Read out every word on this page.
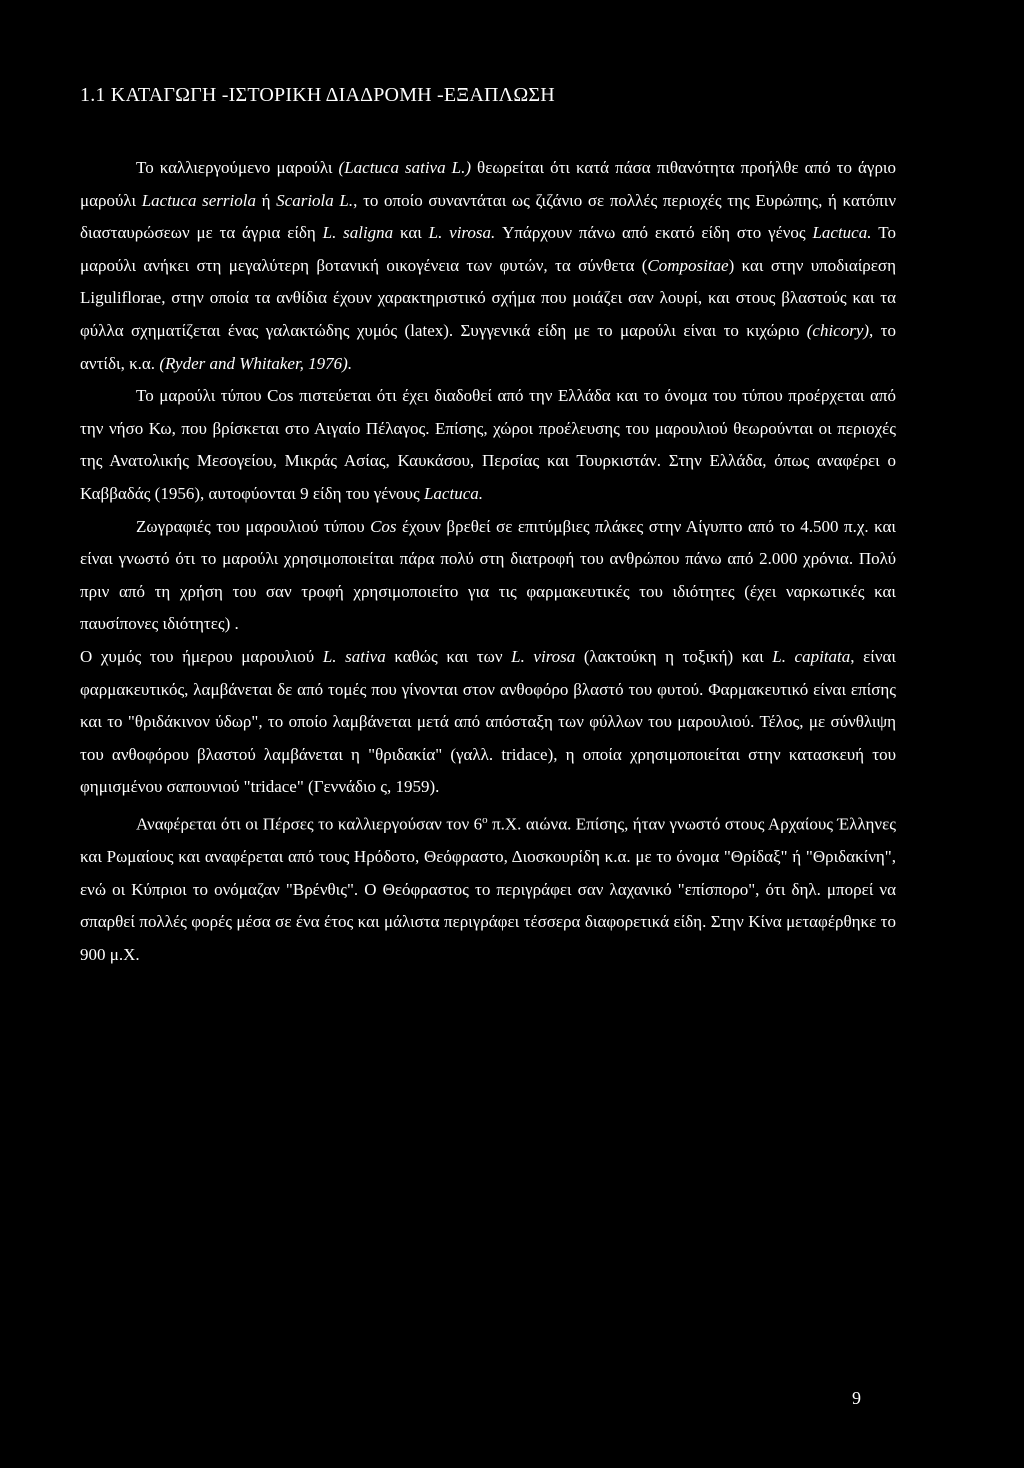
1.1 ΚΑΤΑΓΩΓΗ -ΙΣΤΟΡΙΚΗ ΔΙΑΔΡΟΜΗ -ΕΞΑΠΛΩΣΗ

Το καλλιεργούμενο μαρούλι (Lactuca sativa L.) θεωρείται ότι κατά πάσα πιθανότητα προήλθε από το άγριο μαρούλι Lactuca serriola ή Scariola L., το οποίο συναντάται ως ζιζάνιο σε πολλές περιοχές της Ευρώπης, ή κατόπιν διασταυρώσεων με τα άγρια είδη L. saligna και L. virosa. Υπάρχουν πάνω από εκατό είδη στο γένος Lactuca. Το μαρούλι ανήκει στη μεγαλύτερη βοτανική οικογένεια των φυτών, τα σύνθετα (Compositae) και στην υποδιαίρεση Liguliflorae, στην οποία τα ανθίδια έχουν χαρακτηριστικό σχήμα που μοιάζει σαν λουρί, και στους βλαστούς και τα φύλλα σχηματίζεται ένας γαλακτώδης χυμός (latex). Συγγενικά είδη με το μαρούλι είναι το κιχώριο (chicory), το αντίδι, κ.α. (Ryder and Whitaker, 1976).

Το μαρούλι τύπου Cos πιστεύεται ότι έχει διαδοθεί από την Ελλάδα και το όνομα του τύπου προέρχεται από την νήσο Κω, που βρίσκεται στο Αιγαίο Πέλαγος. Επίσης, χώροι προέλευσης του μαρουλιού θεωρούνται οι περιοχές της Ανατολικής Μεσογείου, Μικράς Ασίας, Καυκάσου, Περσίας και Τουρκιστάν. Στην Ελλάδα, όπως αναφέρει ο Καββαδάς (1956), αυτοφύονται 9 είδη του γένους Lactuca.

Ζωγραφιές του μαρουλιού τύπου Cos έχουν βρεθεί σε επιτύμβιες πλάκες στην Αίγυπτο από το 4.500 π.χ. και είναι γνωστό ότι το μαρούλι χρησιμοποιείται πάρα πολύ στη διατροφή του ανθρώπου πάνω από 2.000 χρόνια. Πολύ πριν από τη χρήση του σαν τροφή χρησιμοποιείτο για τις φαρμακευτικές του ιδιότητες (έχει ναρκωτικές και παυσίπονες ιδιότητες) .

Ο χυμός του ήμερου μαρουλιού L. sativa καθώς και των L. virosa (λακτούκη η τοξική) και L. capitata, είναι φαρμακευτικός, λαμβάνεται δε από τομές που γίνονται στον ανθοφόρο βλαστό του φυτού. Φαρμακευτικό είναι επίσης και το "θριδάκινον ύδωρ", το οποίο λαμβάνεται μετά από απόσταξη των φύλλων του μαρουλιού. Τέλος, με σύνθλιψη του ανθοφόρου βλαστού λαμβάνεται η "θριδακία" (γαλλ. tridace), η οποία χρησιμοποιείται στην κατασκευή του φημισμένου σαπουνιού "tridace" (Γεννάδιο ς, 1959).

Αναφέρεται ότι οι Πέρσες το καλλιεργούσαν τον $6^o$ π.Χ. αιώνα. Επίσης, ήταν γνωστό στους Αρχαίους Έλληνες και Ρωμαίους και αναφέρεται από τους Ηρόδοτο, Θεόφραστο, Διοσκουρίδη κ.α. με το όνομα "Θρίδαξ" ή "Θριδακίνη", ενώ οι Κύπριοι το ονόμαζαν "Βρένθις". Ο Θεόφραστος το περιγράφει σαν λαχανικό "επίσπορο", ότι δηλ. μπορεί να σπαρθεί πολλές φορές μέσα σε ένα έτος και μάλιστα περιγράφει τέσσερα διαφορετικά είδη. Στην Κίνα μεταφέρθηκε το 900 μ.Χ.

9
